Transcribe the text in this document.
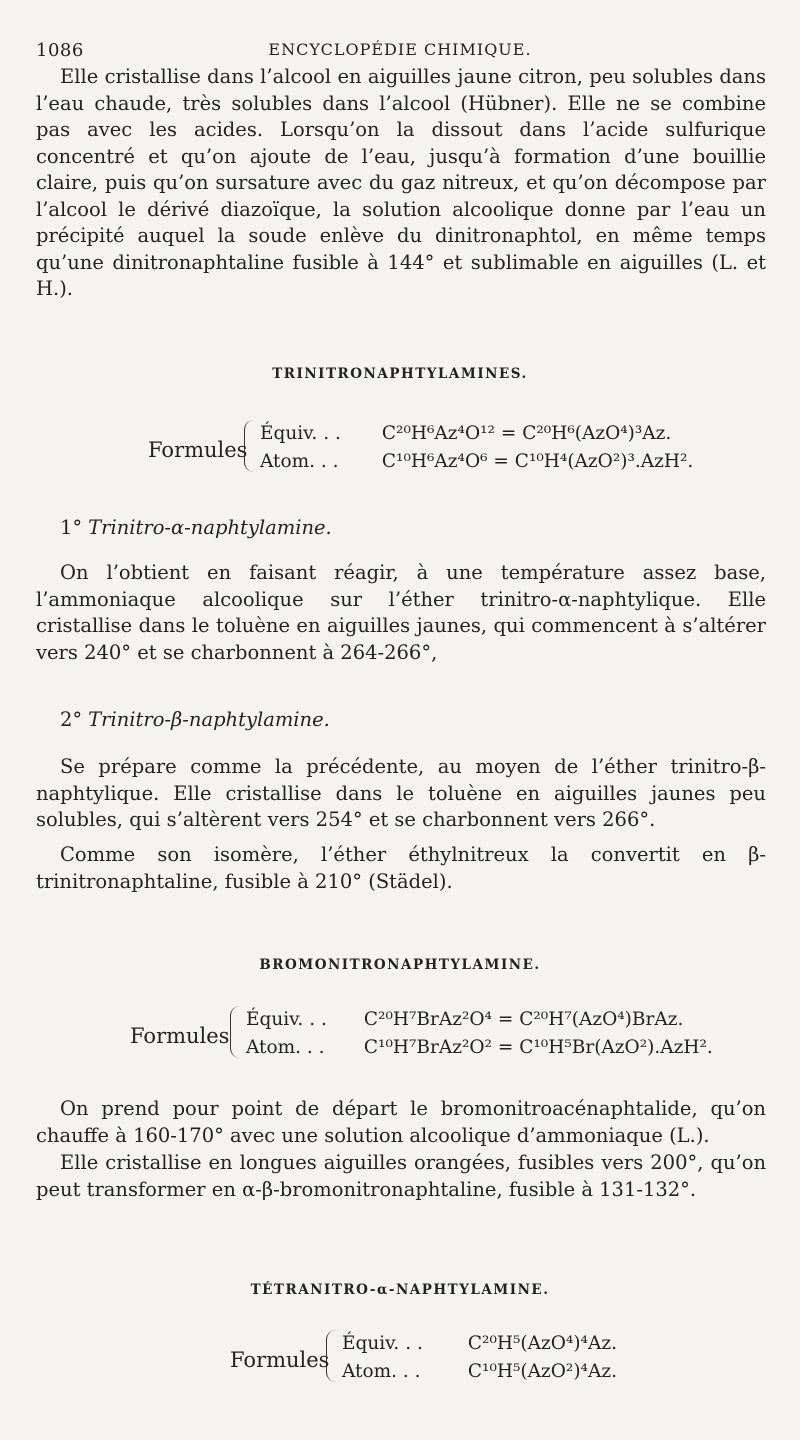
1086	ENCYCLOPÉDIE CHIMIQUE.

Elle cristallise dans l’alcool en aiguilles jaune citron, peu solubles dans l’eau chaude, très solubles dans l’alcool (Hübner). Elle ne se combine pas avec les acides. Lorsqu’on la dissout dans l’acide sulfurique concentré et qu’on ajoute de l’eau, jusqu’à formation d’une bouillie claire, puis qu’on sursature avec du gaz nitreux, et qu’on décompose par l’alcool le dérivé diazoïque, la solution alcoolique donne par l’eau un précipité auquel la soude enlève du dinitronaphtol, en même temps qu’une dinitronaphtaline fusible à 144° et sublimable en aiguilles (L. et H.).

TRINITRONAPHTYLAMINES.
Formules
Équiv. . . C²⁰H⁶Az⁴O¹² = C²⁰H⁶(AzO⁴)³Az.
Atom. . . C¹⁰H⁶Az⁴O⁶ = C¹⁰H⁴(AzO²)³.AzH².

1° Trinitro-α-naphtylamine.

On l’obtient en faisant réagir, à une température assez base, l’ammoniaque alcoolique sur l’éther trinitro-α-naphtylique. Elle cristallise dans le toluène en aiguilles jaunes, qui commencent à s’altérer vers 240° et se charbonnent à 264-266°,

2° Trinitro-β-naphtylamine.

Se prépare comme la précédente, au moyen de l’éther trinitro-β-naphtylique. Elle cristallise dans le toluène en aiguilles jaunes peu solubles, qui s’altèrent vers 254° et se charbonnent vers 266°.

Comme son isomère, l’éther éthylnitreux la convertit en β-trinitronaphtaline, fusible à 210° (Städel).

BROMONITRONAPHTYLAMINE.
Formules
Équiv. . . C²⁰H⁷BrAz²O⁴ = C²⁰H⁷(AzO⁴)BrAz.
Atom. . . C¹⁰H⁷BrAz²O² = C¹⁰H⁵Br(AzO²).AzH².

On prend pour point de départ le bromonitroacénaphtalide, qu’on chauffe à 160-170° avec une solution alcoolique d’ammoniaque (L.).

Elle cristallise en longues aiguilles orangées, fusibles vers 200°, qu’on peut transformer en α-β-bromonitronaphtaline, fusible à 131-132°.

TÉTRANITRO-α-NAPHTYLAMINE.
Formules
Équiv. . . C²⁰H⁵(AzO⁴)⁴Az.
Atom. . .	C¹⁰H⁵(AzO²)⁴Az.
